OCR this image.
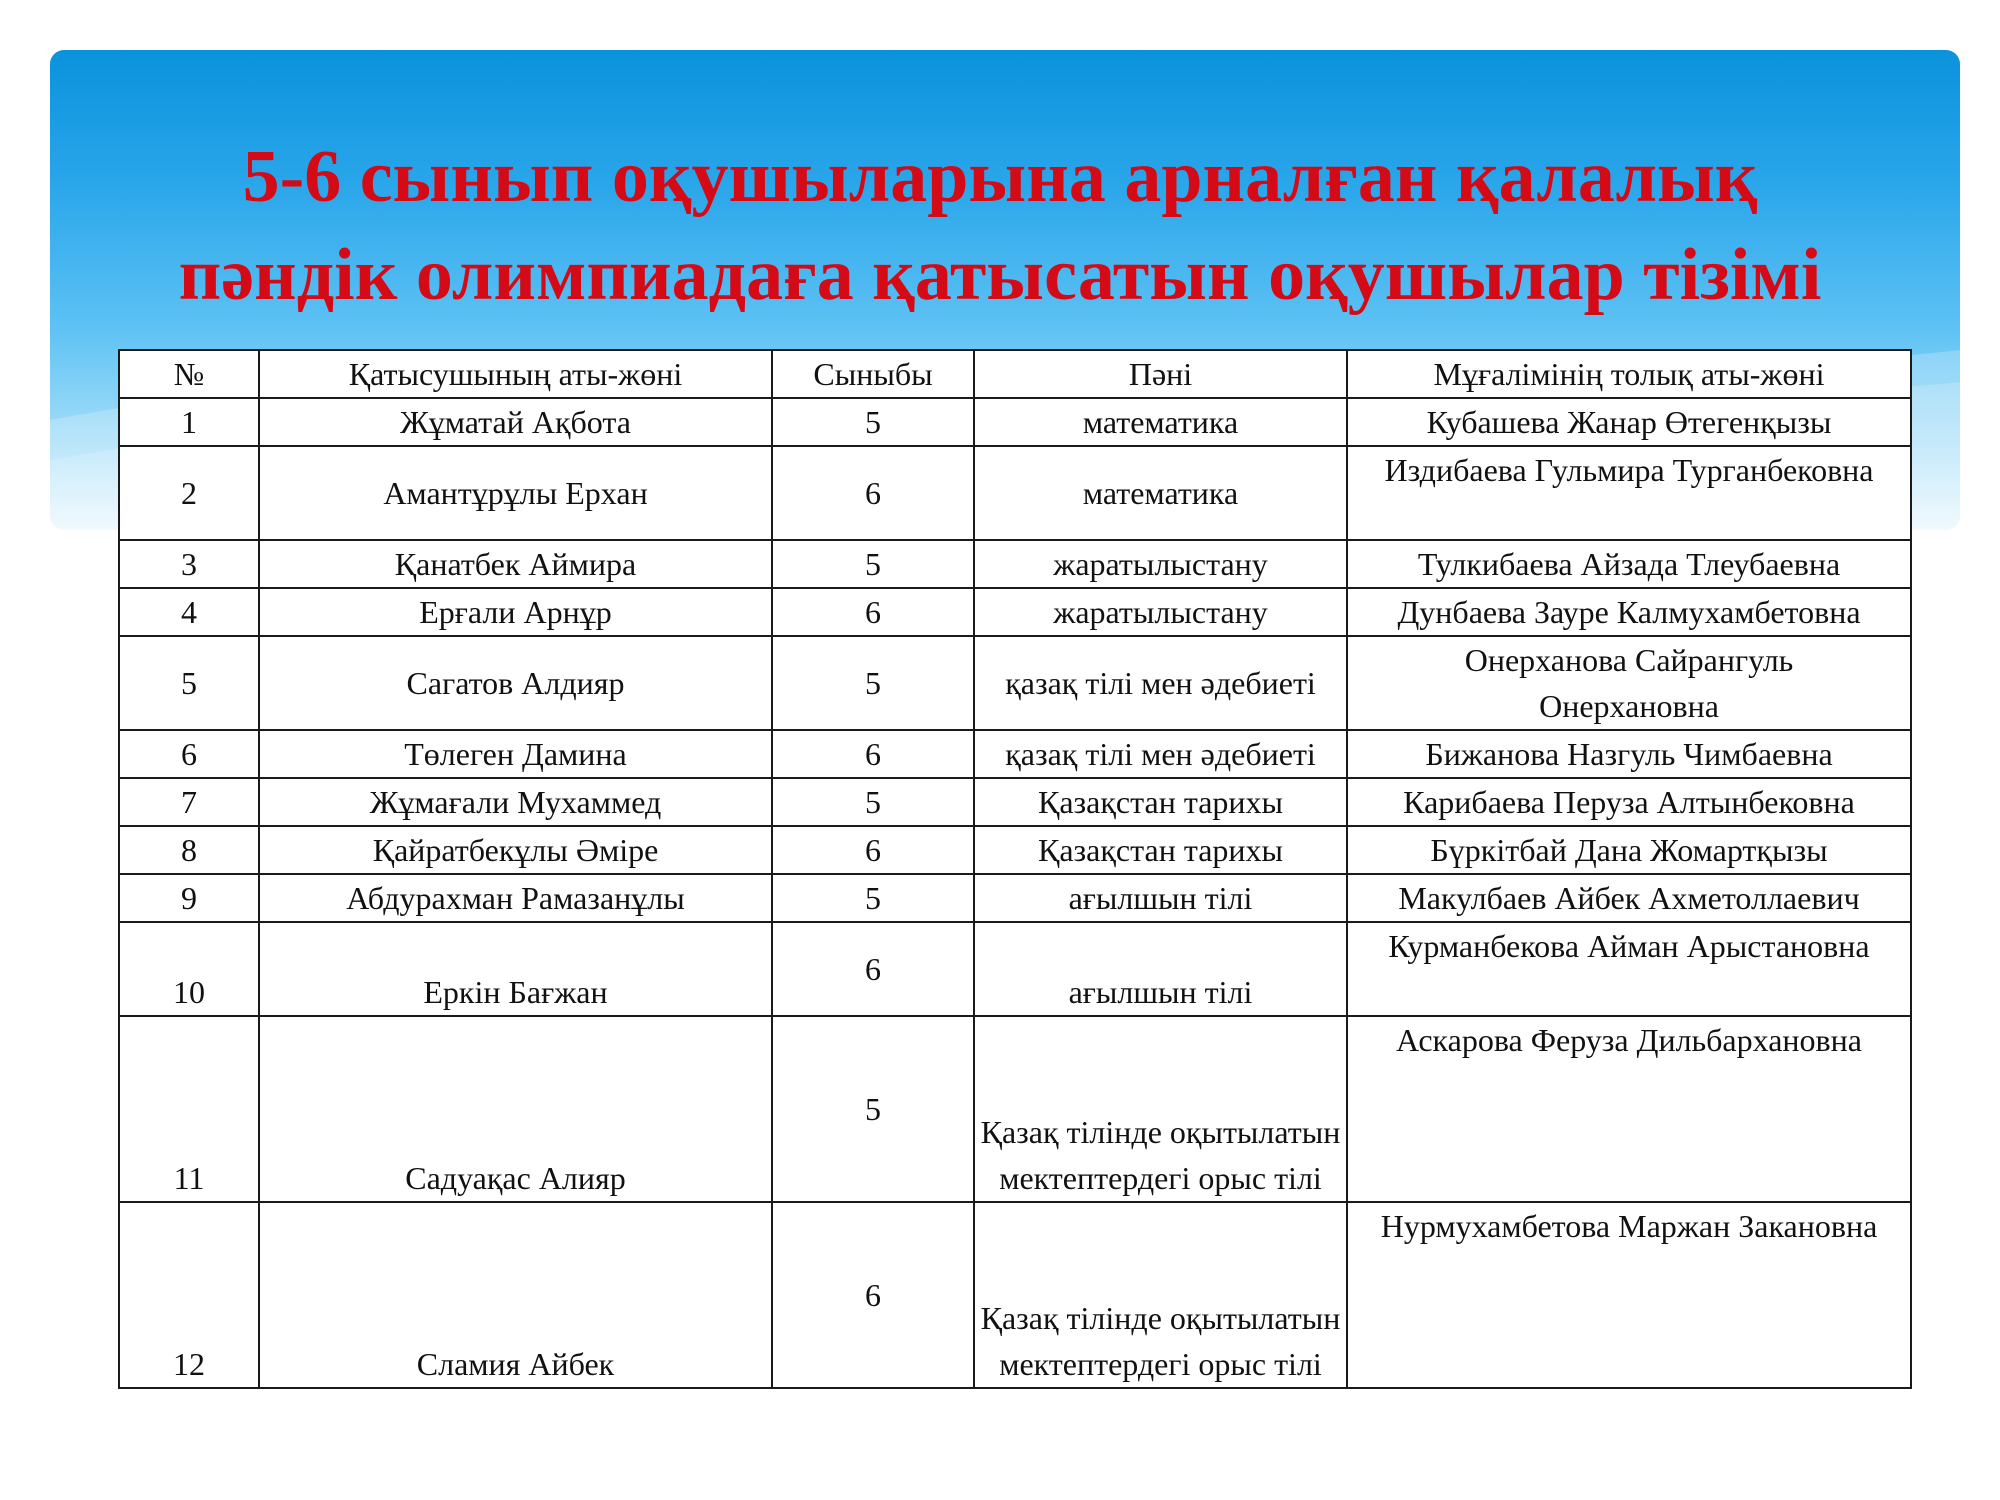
5-6 сынып оқушыларына арналған қалалық
пәндік олимпиадаға қатысатын оқушылар тізімі
№	Қатысушының аты-жөні	Сыныбы	Пәні	Мұғалімінің толық аты-жөні
1	Жұматай Ақбота	5	математика	Кубашева Жанар Өтегенқызы
2	Амантұрұлы Ерхан	6	математика	Издибаева Гульмира Турганбековна
3	Қанатбек Аймира	5	жаратылыстану	Тулкибаева Айзада Тлеубаевна
4	Ерғали Арнұр	6	жаратылыстану	Дунбаева Зауре Калмухамбетовна
5	Сагатов Алдияр	5	қазақ тілі мен әдебиеті	Онерханова Сайрангуль Онерхановна
6	Төлеген Дамина	6	қазақ тілі мен әдебиеті	Бижанова Назгуль Чимбаевна
7	Жұмағали Мухаммед	5	Қазақстан тарихы	Карибаева Перуза Алтынбековна
8	Қайратбекұлы Әміре	6	Қазақстан тарихы	Бүркітбай Дана Жомартқызы
9	Абдурахман Рамазанұлы	5	ағылшын тілі	Макулбаев Айбек Ахметоллаевич
10	Еркін Бағжан	6	ағылшын тілі	Курманбекова Айман Арыстановна
11	Садуақас Алияр	5	Қазақ тілінде оқытылатын мектептердегі орыс тілі	Аскарова Феруза Дильбархановна
12	Сламия Айбек	6	Қазақ тілінде оқытылатын мектептердегі орыс тілі	Нурмухамбетова Маржан Закановна
